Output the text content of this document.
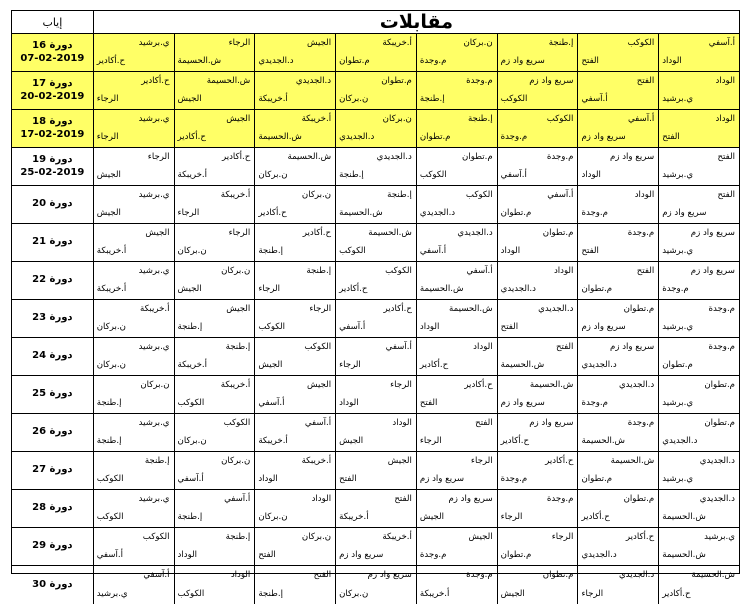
مقابلات
إياب
أ.آسفي
الوداد
الكوكب
الفتح
إ.طنجة
سريع واد زم
ن.بركان
م.وجدة
أ.خريبكة
م.تطوان
الجيش
د.الجديدي
الرجاء
ش.الحسيمة
ي.برشيد
ح.أكادير
دورة 16
07-02-2019
الوداد
ي.برشيد
الفتح
أ.آسفي
سريع واد زم
الكوكب
م.وجدة
إ.طنجة
م.تطوان
ن.بركان
د.الجديدي
أ.خريبكة
ش.الحسيمة
الجيش
ح.أكادير
الرجاء
دورة 17
20-02-2019
الوداد
الفتح
أ.آسفي
سريع واد زم
الكوكب
م.وجدة
إ.طنجة
م.تطوان
ن.بركان
د.الجديدي
أ.خريبكة
ش.الحسيمة
الجيش
ح.أكادير
ي.برشيد
الرجاء
دورة 18
17-02-2019
الفتح
ي.برشيد
سريع واد زم
الوداد
م.وجدة
أ.آسفي
م.تطوان
الكوكب
د.الجديدي
إ.طنجة
ش.الحسيمة
ن.بركان
ح.أكادير
أ.خريبكة
الرجاء
الجيش
دورة 19
25-02-2019
الفتح
سريع واد زم
الوداد
م.وجدة
أ.آسفي
م.تطوان
الكوكب
د.الجديدي
إ.طنجة
ش.الحسيمة
ن.بركان
ح.أكادير
أ.خريبكة
الرجاء
ي.برشيد
الجيش
دورة 20
سريع واد زم
ي.برشيد
م.وجدة
الفتح
م.تطوان
الوداد
د.الجديدي
أ.آسفي
ش.الحسيمة
الكوكب
ح.أكادير
إ.طنجة
الرجاء
ن.بركان
الجيش
أ.خريبكة
دورة 21
سريع واد زم
م.وجدة
الفتح
م.تطوان
الوداد
د.الجديدي
أ.آسفي
ش.الحسيمة
الكوكب
ح.أكادير
إ.طنجة
الرجاء
ن.بركان
الجيش
ي.برشيد
أ.خريبكة
دورة 22
م.وجدة
ي.برشيد
م.تطوان
سريع واد زم
د.الجديدي
الفتح
ش.الحسيمة
الوداد
ح.أكادير
أ.آسفي
الرجاء
الكوكب
الجيش
إ.طنجة
أ.خريبكة
ن.بركان
دورة 23
م.وجدة
م.تطوان
سريع واد زم
د.الجديدي
الفتح
ش.الحسيمة
الوداد
ح.أكادير
أ.آسفي
الرجاء
الكوكب
الجيش
إ.طنجة
أ.خريبكة
ي.برشيد
ن.بركان
دورة 24
م.تطوان
ي.برشيد
د.الجديدي
م.وجدة
ش.الحسيمة
سريع واد زم
ح.أكادير
الفتح
الرجاء
الوداد
الجيش
أ.آسفي
أ.خريبكة
الكوكب
ن.بركان
إ.طنجة
دورة 25
م.تطوان
د.الجديدي
م.وجدة
ش.الحسيمة
سريع واد زم
ح.أكادير
الفتح
الرجاء
الوداد
الجيش
أ.آسفي
أ.خريبكة
الكوكب
ن.بركان
ي.برشيد
إ.طنجة
دورة 26
د.الجديدي
ي.برشيد
ش.الحسيمة
م.تطوان
ح.أكادير
م.وجدة
الرجاء
سريع واد زم
الجيش
الفتح
أ.خريبكة
الوداد
ن.بركان
أ.آسفي
إ.طنجة
الكوكب
دورة 27
د.الجديدي
ش.الحسيمة
م.تطوان
ح.أكادير
م.وجدة
الرجاء
سريع واد زم
الجيش
الفتح
أ.خريبكة
الوداد
ن.بركان
أ.آسفي
إ.طنجة
ي.برشيد
الكوكب
دورة 28
ي.برشيد
ش.الحسيمة
ح.أكادير
د.الجديدي
الرجاء
م.تطوان
الجيش
م.وجدة
أ.خريبكة
سريع واد زم
ن.بركان
الفتح
إ.طنجة
الوداد
الكوكب
أ.آسفي
دورة 29
ش.الحسيمة
ح.أكادير
د.الجديدي
الرجاء
م.تطوان
الجيش
م.وجدة
أ.خريبكة
سريع واد زم
ن.بركان
الفتح
إ.طنجة
الوداد
الكوكب
أ.آسفي
ي.برشيد
دورة 30
